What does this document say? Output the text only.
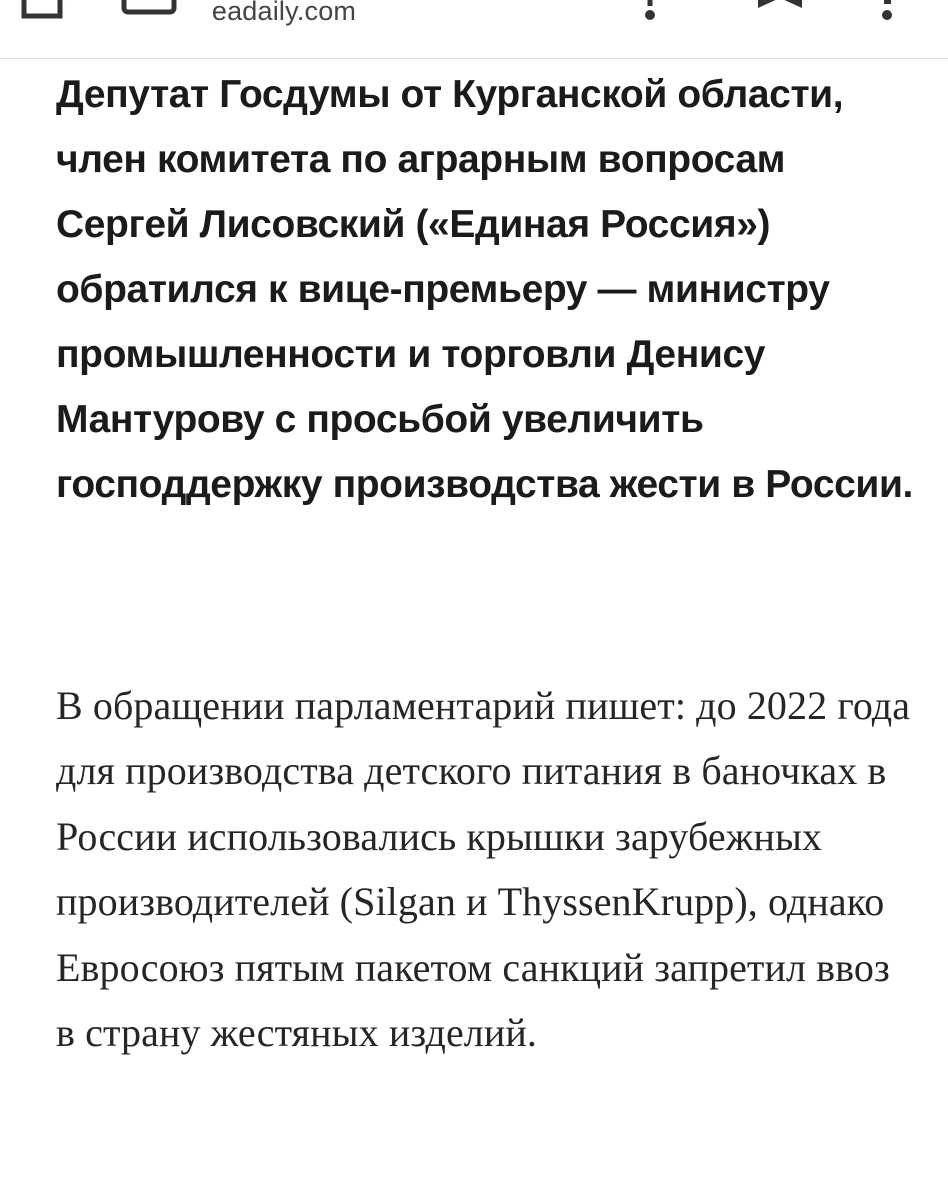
eadaily.com

Депутат Госдумы от Курганской области, член комитета по аграрным вопросам Сергей Лисовский («Единая Россия») обратился к вице-премьеру — министру промышленности и торговли Денису Мантурову с просьбой увеличить господдержку производства жести в России.

В обращении парламентарий пишет: до 2022 года для производства детского питания в баночках в России использовались крышки зарубежных производителей (Silgan и ThyssenKrupp), однако Евросоюз пятым пакетом санкций запретил ввоз в страну жестяных изделий.
